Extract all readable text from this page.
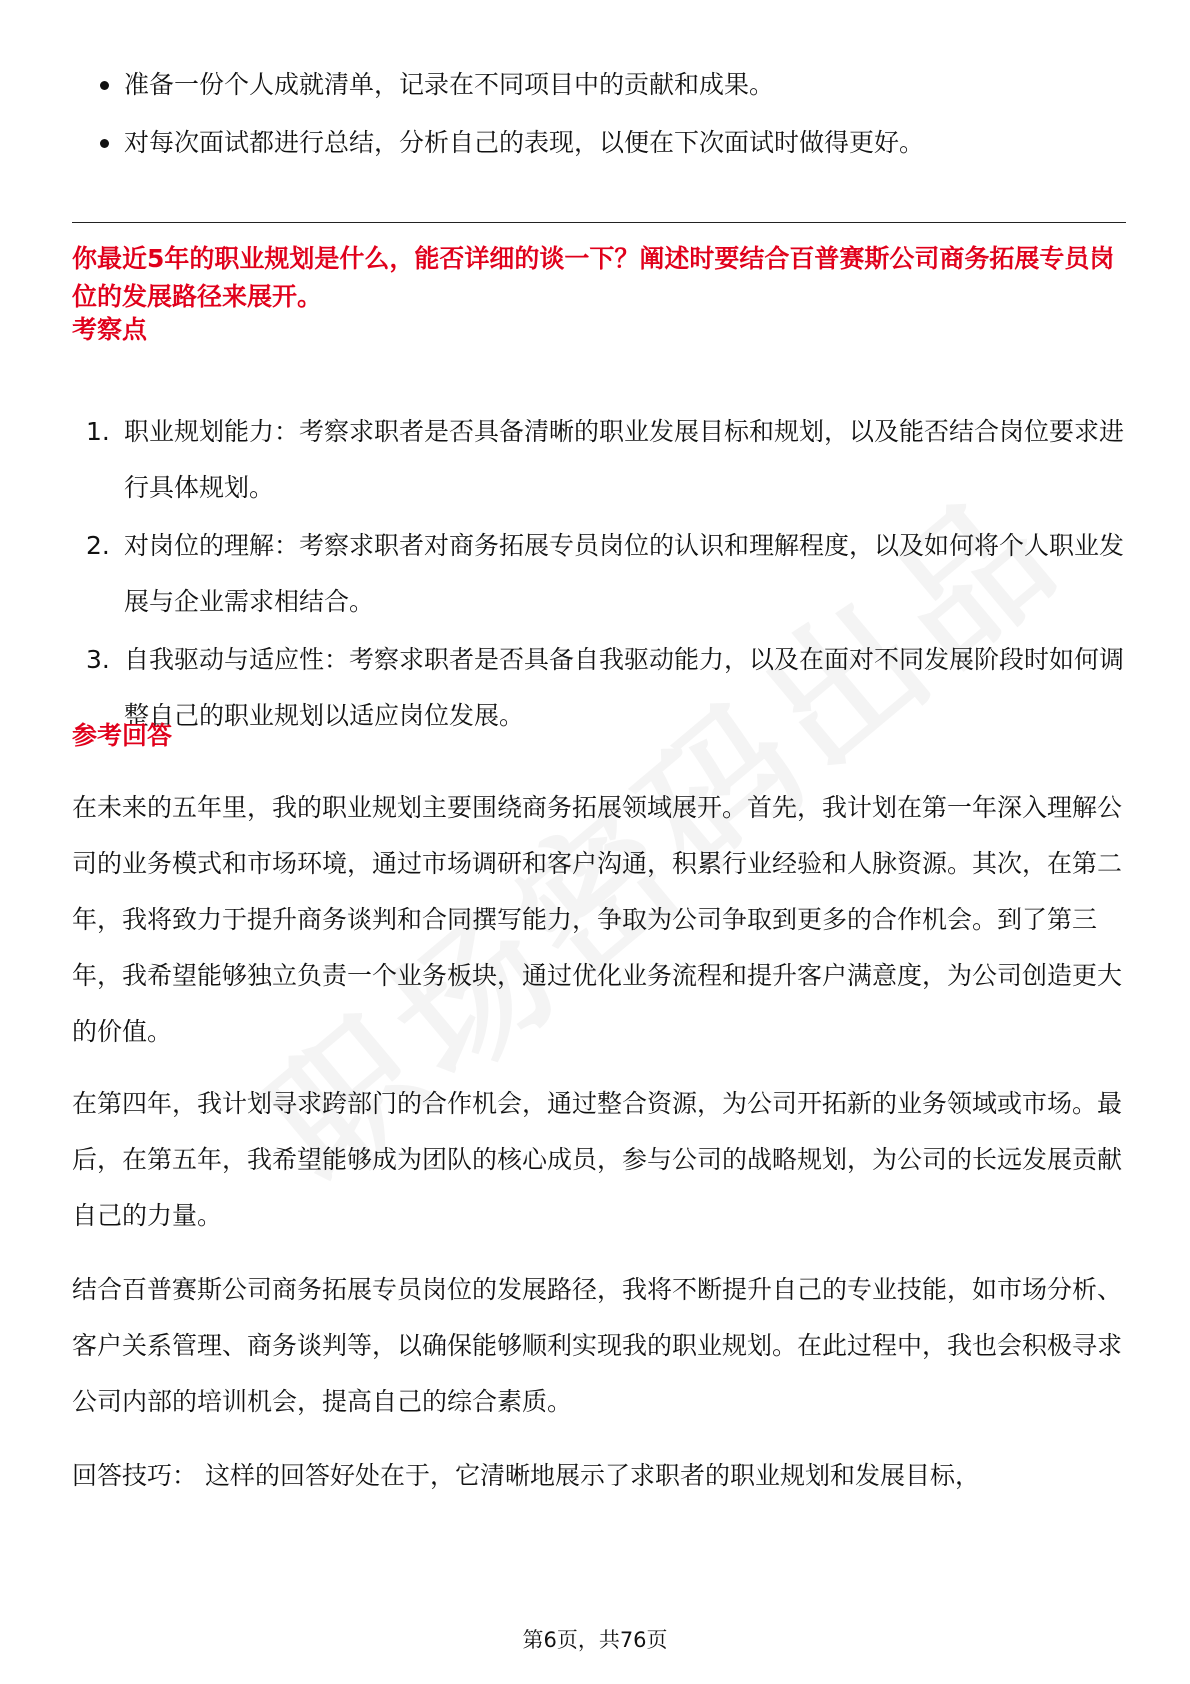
准备一份个人成就清单，记录在不同项目中的贡献和成果。
对每次面试都进行总结，分析自己的表现，以便在下次面试时做得更好。
你最近5年的职业规划是什么，能否详细的谈一下？阐述时要结合百普赛斯公司商务拓展专员岗位的发展路径来展开。
考察点
1. 职业规划能力：考察求职者是否具备清晰的职业发展目标和规划，以及能否结合岗位要求进行具体规划。
2. 对岗位的理解：考察求职者对商务拓展专员岗位的认识和理解程度，以及如何将个人职业发展与企业需求相结合。
3. 自我驱动与适应性：考察求职者是否具备自我驱动能力，以及在面对不同发展阶段时如何调整自己的职业规划以适应岗位发展。
参考回答

在未来的五年里，我的职业规划主要围绕商务拓展领域展开。首先，我计划在第一年深入理解公司的业务模式和市场环境，通过市场调研和客户沟通，积累行业经验和人脉资源。其次，在第二年，我将致力于提升商务谈判和合同撰写能力，争取为公司争取到更多的合作机会。到了第三年，我希望能够独立负责一个业务板块，通过优化业务流程和提升客户满意度，为公司创造更大的价值。

在第四年，我计划寻求跨部门的合作机会，通过整合资源，为公司开拓新的业务领域或市场。最后，在第五年，我希望能够成为团队的核心成员，参与公司的战略规划，为公司的长远发展贡献自己的力量。

结合百普赛斯公司商务拓展专员岗位的发展路径，我将不断提升自己的专业技能，如市场分析、客户关系管理、商务谈判等，以确保能够顺利实现我的职业规划。在此过程中，我也会积极寻求公司内部的培训机会，提高自己的综合素质。

回答技巧： 这样的回答好处在于，它清晰地展示了求职者的职业规划和发展目标，

第6页，共76页
